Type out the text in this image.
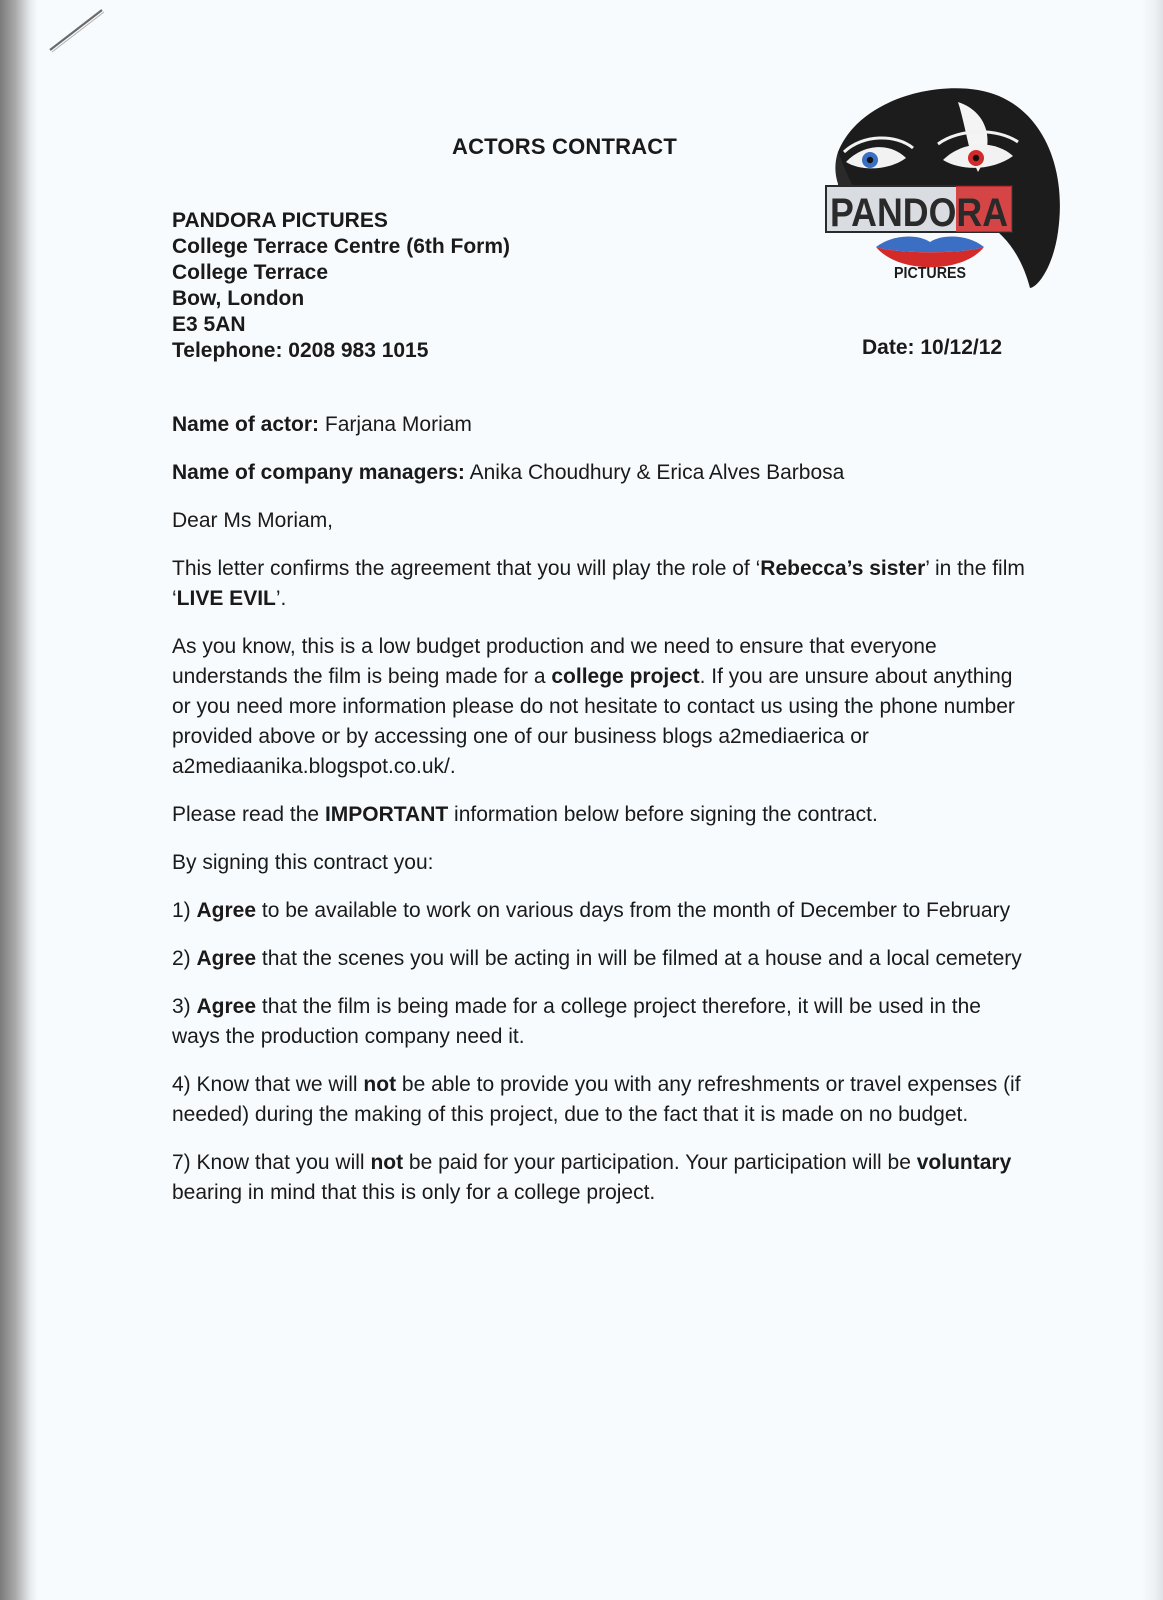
ACTORS CONTRACT
PANDORA PICTURES
College Terrace Centre (6th Form)
College Terrace
Bow, London
E3 5AN
Telephone: 0208 983 1015	Date: 10/12/12
PANDORA
PICTURES

Name of actor: Farjana Moriam

Name of company managers: Anika Choudhury & Erica Alves Barbosa

Dear Ms Moriam,

This letter confirms the agreement that you will play the role of ‘Rebecca’s sister’ in the film ‘LIVE EVIL’.

As you know, this is a low budget production and we need to ensure that everyone understands the film is being made for a college project. If you are unsure about anything or you need more information please do not hesitate to contact us using the phone number provided above or by accessing one of our business blogs a2mediaerica or a2mediaanika.blogspot.co.uk/.

Please read the IMPORTANT information below before signing the contract.

By signing this contract you:

1) Agree to be available to work on various days from the month of December to February

2) Agree that the scenes you will be acting in will be filmed at a house and a local cemetery

3) Agree that the film is being made for a college project therefore, it will be used in the ways the production company need it.

4) Know that we will not be able to provide you with any refreshments or travel expenses (if needed) during the making of this project, due to the fact that it is made on no budget.

7) Know that you will not be paid for your participation. Your participation will be voluntary bearing in mind that this is only for a college project.
